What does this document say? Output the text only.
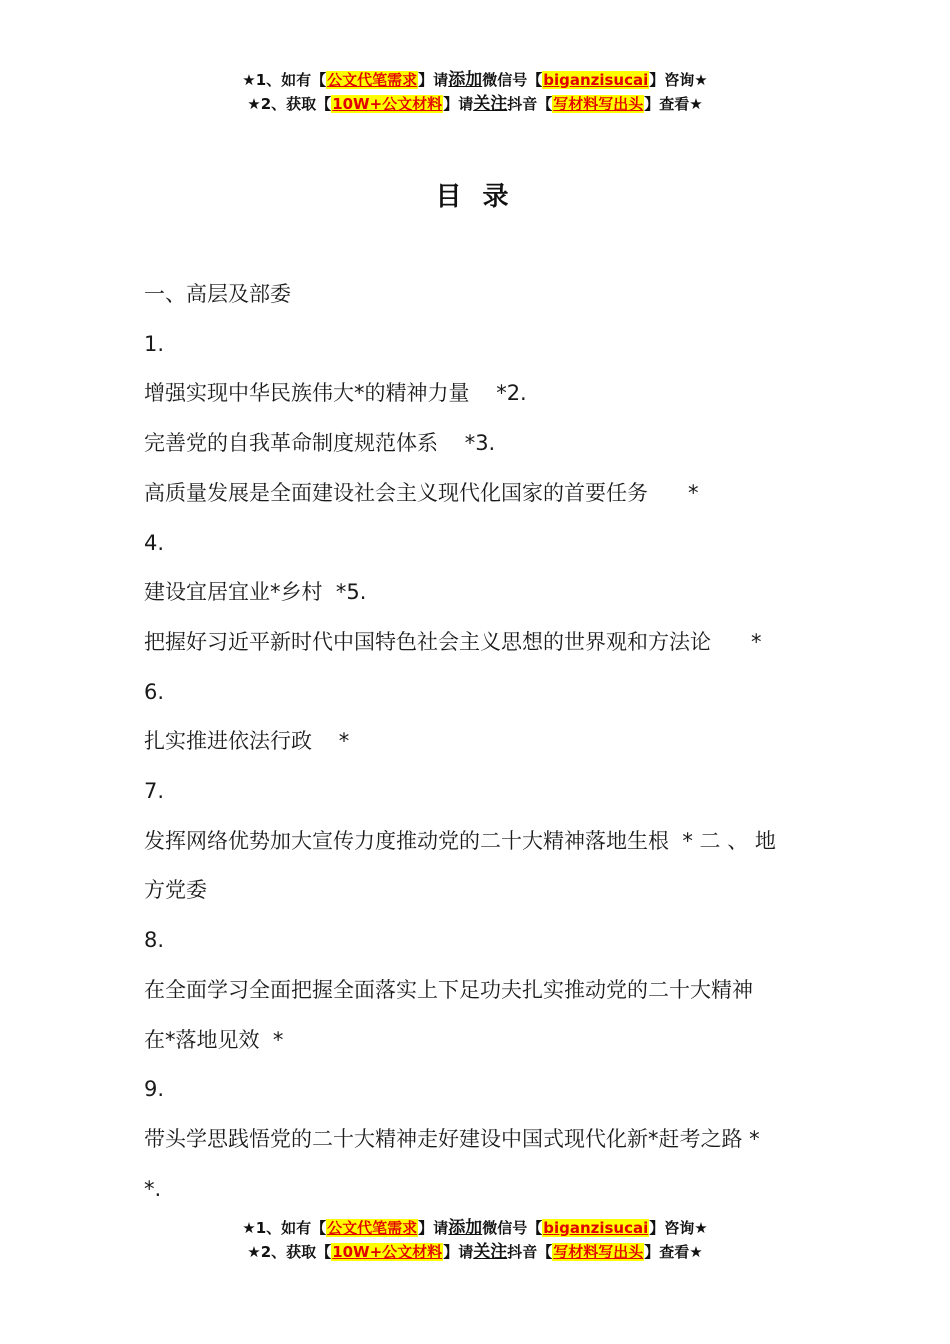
★1、如有【公文代笔需求】请添加微信号【biganzisucai】咨询★
★2、获取【10W+公文材料】请关注抖音【写材料写出头】查看★
目 录

一、高层及部委

1.

增强实现中华民族伟大*的精神力量    *2.

完善党的自我革命制度规范体系    *3.

高质量发展是全面建设社会主义现代化国家的首要任务      *

4.

建设宜居宜业*乡村  *5.

把握好习近平新时代中国特色社会主义思想的世界观和方法论      *

6.

扎实推进依法行政    *

7.

发挥网络优势加大宣传力度推动党的二十大精神落地生根  * 二 、 地

方党委

8.

在全面学习全面把握全面落实上下足功夫扎实推动党的二十大精神

在*落地见效  *

9.

带头学思践悟党的二十大精神走好建设中国式现代化新*赶考之路 *

*.

★1、如有【公文代笔需求】请添加微信号【biganzisucai】咨询★
★2、获取【10W+公文材料】请关注抖音【写材料写出头】查看★
